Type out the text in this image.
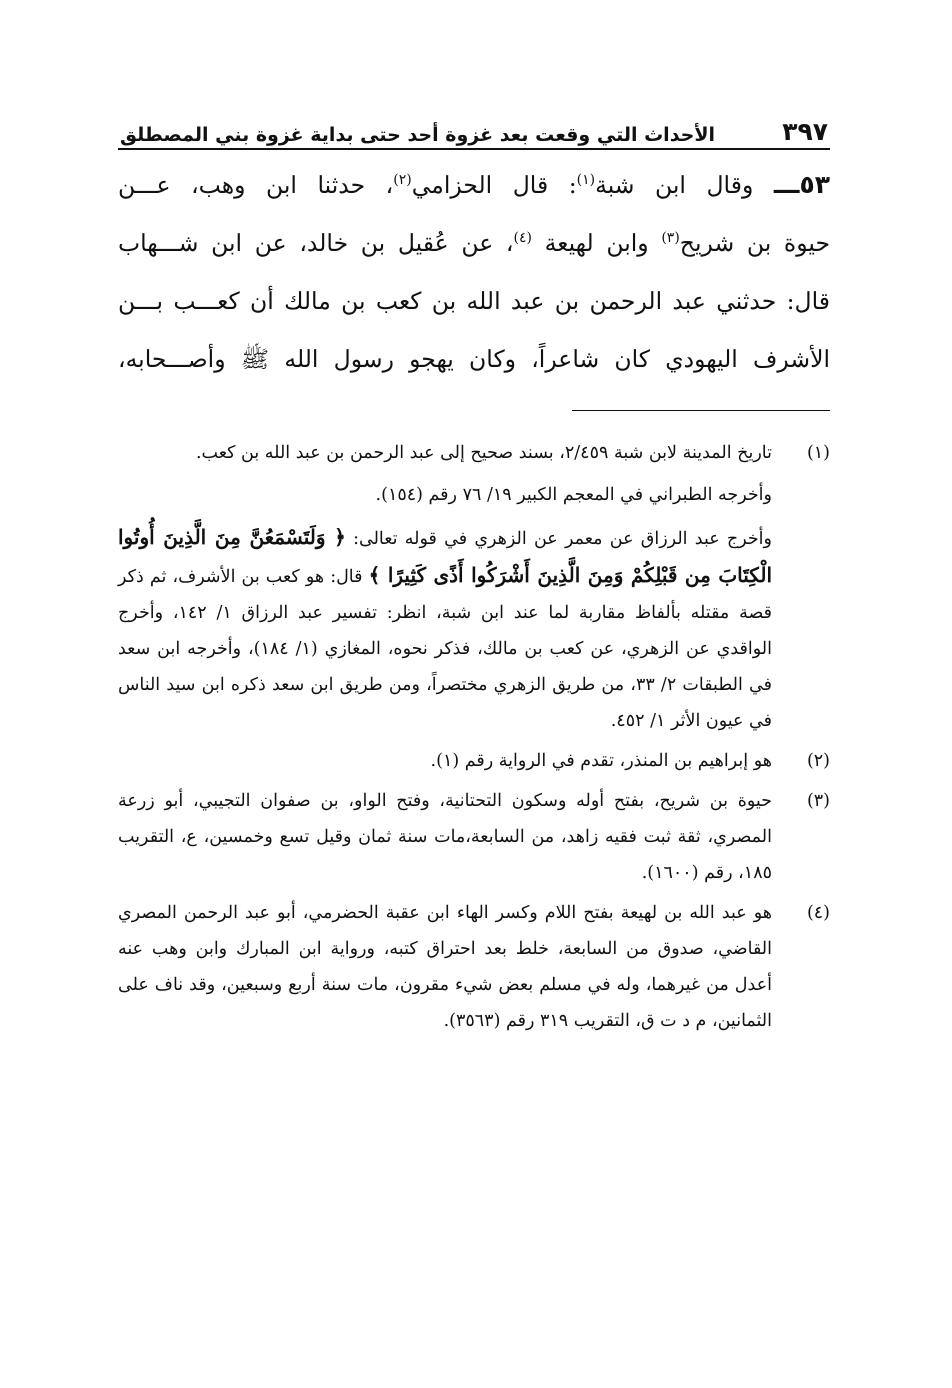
٣٩٧
الأحداث التي وقعت بعد غزوة أحد حتى بداية غزوة بني المصطلق
٥٣ـــ وقال ابن شبة$^{(١)}$: قال الحزامي$^{(٢)}$، حدثنا ابن وهب، عـــن
حيوة بن شريح$^{(٣)}$ وابن لهيعة $^{(٤)}$، عن عُقيل بن خالد، عن ابن شـــهاب
قال: حدثني عبد الرحمن بن عبد الله بن كعب بن مالك أن كعـــب بـــن
الأشرف اليهودي كان شاعراً، وكان يهجو رسول الله ﷺ وأصـــحابه،
(١)
تاريخ المدينة لابن شبة ٢/٤٥٩، بسند صحيح إلى عبد الرحمن بن عبد الله بن كعب.
وأخرجه الطبراني في المعجم الكبير ١٩/ ٧٦ رقم (١٥٤).
وأخرج عبد الرزاق عن معمر عن الزهري في قوله تعالى: ﴿ وَلَتَسْمَعُنَّ مِنَ الَّذِينَ أُوتُوا الْكِتَابَ مِن قَبْلِكُمْ وَمِنَ الَّذِينَ أَشْرَكُوا أَذًى كَثِيرًا ﴾ قال: هو كعب بن الأشرف، ثم ذكر قصة مقتله بألفاظ مقاربة لما عند ابن شبة، انظر: تفسير عبد الرزاق ١/ ١٤٢، وأخرج الواقدي عن الزهري، عن كعب بن مالك، فذكر نحوه، المغازي (١/ ١٨٤)، وأخرجه ابن سعد في الطبقات ٢/ ٣٣، من طريق الزهري مختصراً، ومن طريق ابن سعد ذكره ابن سيد الناس في عيون الأثر ١/ ٤٥٢.
(٢)
هو إبراهيم بن المنذر، تقدم في الرواية رقم (١).
(٣)
حيوة بن شريح، بفتح أوله وسكون التحتانية، وفتح الواو، بن صفوان التجيبي، أبو زرعة المصري، ثقة ثبت فقيه زاهد، من السابعة،مات سنة ثمان وقيل تسع وخمسين، ع، التقريب ١٨٥، رقم (١٦٠٠).
(٤)
هو عبد الله بن لهيعة بفتح اللام وكسر الهاء ابن عقبة الحضرمي، أبو عبد الرحمن المصري القاضي، صدوق من السابعة، خلط بعد احتراق كتبه، ورواية ابن المبارك وابن وهب عنه أعدل من غيرهما، وله في مسلم بعض شيء مقرون، مات سنة أربع وسبعين، وقد ناف على الثمانين، م د ت ق، التقريب ٣١٩ رقم (٣٥٦٣).
